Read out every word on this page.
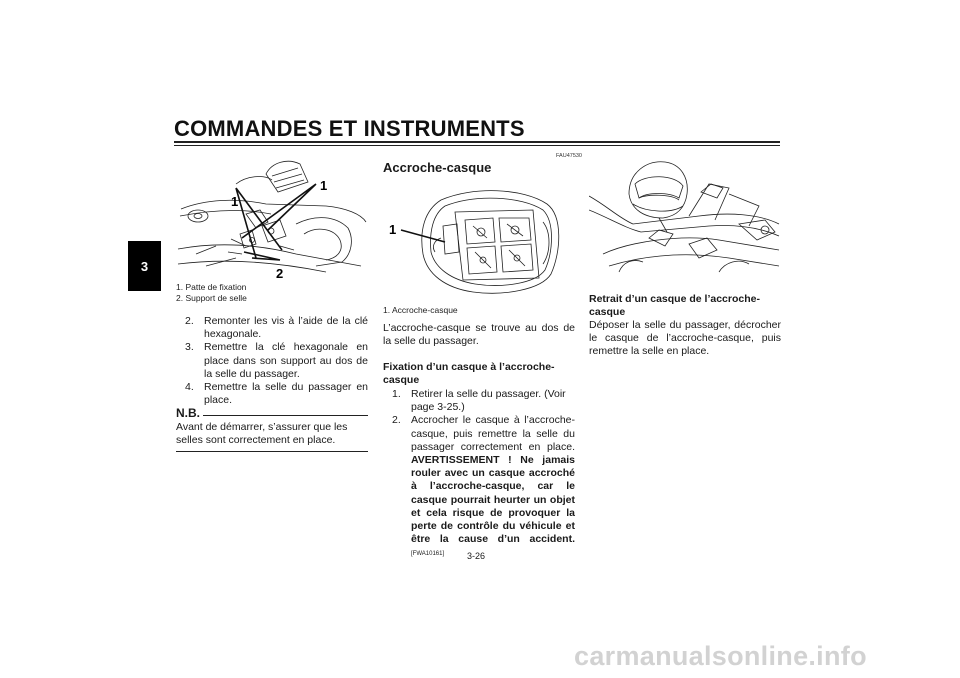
COMMANDES ET INSTRUMENTS
3
1
1
2
1. Patte de fixation
2. Support de selle
2. Remonter les vis à l’aide de la clé hexagonale.
3. Remettre la clé hexagonale en place dans son support au dos de la selle du passager.
4. Remettre la selle du passager en place.
N.B.
Avant de démarrer, s’assurer que les selles sont correctement en place.
FAU47530
Accroche-casque
1
1. Accroche-casque
L’accroche-casque se trouve au dos de la selle du passager.
Fixation d’un casque à l’accroche-casque
1. Retirer la selle du passager. (Voir page 3-25.)
2. Accrocher le casque à l’accroche-casque, puis remettre la selle du passager correctement en place. AVERTISSEMENT ! Ne jamais rouler avec un casque accroché à l’accroche-casque, car le casque pourrait heurter un objet et cela risque de provoquer la perte de contrôle du véhicule et être la cause d’un accident. [FWA10161]	3-26
Retrait d’un casque de l’accroche-casque
Déposer la selle du passager, décrocher le casque de l’accroche-casque, puis remettre la selle en place.
carmanualsonline.info
